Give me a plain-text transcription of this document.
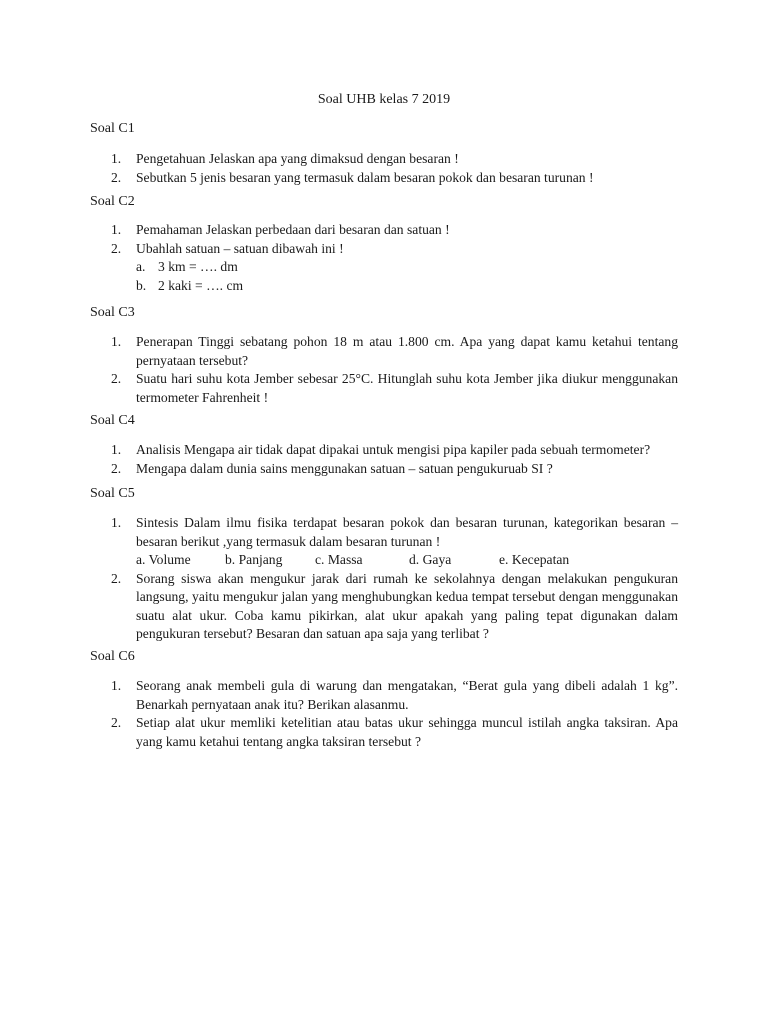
Soal UHB kelas 7 2019

Soal C1

1. Pengetahuan Jelaskan apa yang dimaksud dengan besaran !
2. Sebutkan 5 jenis besaran yang termasuk dalam besaran pokok dan besaran turunan !

Soal C2

1. Pemahaman Jelaskan perbedaan dari besaran dan satuan !
2. Ubahlah satuan – satuan dibawah ini !
a. 3 km = …. dm
b. 2 kaki = …. cm

Soal C3

1. Penerapan Tinggi sebatang pohon 18 m atau 1.800 cm. Apa yang dapat kamu ketahui tentang pernyataan tersebut?
2. Suatu hari suhu kota Jember sebesar 25°C. Hitunglah suhu kota Jember jika diukur menggunakan termometer Fahrenheit !

Soal C4

1. Analisis Mengapa air tidak dapat dipakai untuk mengisi pipa kapiler pada sebuah termometer?
2. Mengapa dalam dunia sains menggunakan satuan – satuan pengukuruab SI ?

Soal C5

1. Sintesis Dalam ilmu fisika terdapat besaran pokok dan besaran turunan, kategorikan besaran – besaran berikut ,yang termasuk dalam besaran turunan !
a. Volume	b. Panjang	c. Massa	d. Gaya	e. Kecepatan
2. Sorang siswa akan mengukur jarak dari rumah ke sekolahnya dengan melakukan pengukuran langsung, yaitu mengukur jalan yang menghubungkan kedua tempat tersebut dengan menggunakan suatu alat ukur. Coba kamu pikirkan, alat ukur apakah yang paling tepat digunakan dalam pengukuran tersebut? Besaran dan satuan apa saja yang terlibat ?

Soal C6

1. Seorang anak membeli gula di warung dan mengatakan, “Berat gula yang dibeli adalah 1 kg”. Benarkah pernyataan anak itu? Berikan alasanmu.
2. Setiap alat ukur memliki ketelitian atau batas ukur sehingga muncul istilah angka taksiran. Apa yang kamu ketahui tentang angka taksiran tersebut ?
